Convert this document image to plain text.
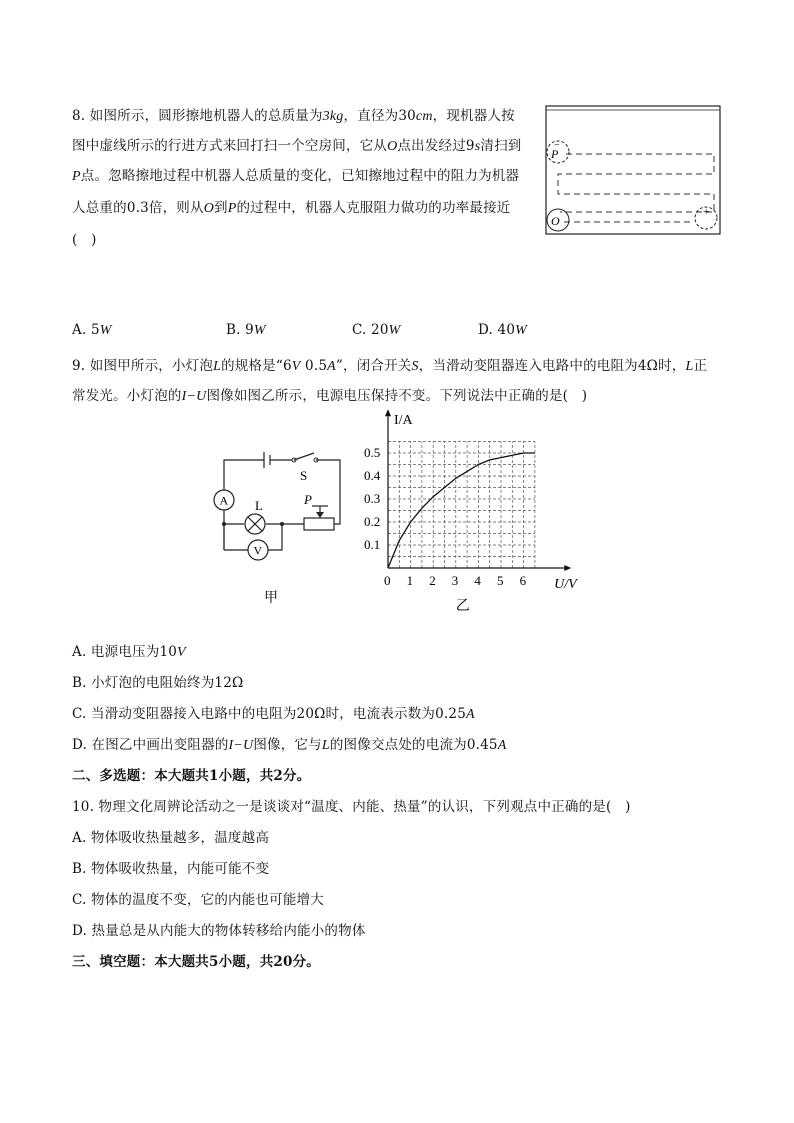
8. 如图所示，圆形擦地机器人的总质量为3kg，直径为30cm，现机器人按
图中虚线所示的行进方式来回打扫一个空房间，它从O点出发经过9s清扫到
P点。忽略擦地过程中机器人总质量的变化，已知擦地过程中的阻力为机器
人总重的0.3倍，则从O到P的过程中，机器人克服阻力做功的功率最接近
(　)
P
O
+
−
A. 5W	B. 9W	C. 20W	D. 40W
9. 如图甲所示，小灯泡L的规格是“6V 0.5A”，闭合开关S，当滑动变阻器连入电路中的电阻为4Ω时，L正
常发光。小灯泡的I−U图像如图乙所示，电源电压保持不变。下列说法中正确的是(　)
A L
V
S
P
甲
0 1 2 3 4 5 6
0.1
0.2
0.3
0.4
0.5
I/A
U/V
乙
A. 电源电压为10V
B. 小灯泡的电阻始终为12Ω
C. 当滑动变阻器接入电路中的电阻为20Ω时，电流表示数为0.25A
D. 在图乙中画出变阻器的I−U图像，它与L的图像交点处的电流为0.45A
二、多选题：本大题共1小题，共2分。
10. 物理文化周辨论活动之一是谈谈对“温度、内能、热量”的认识，下列观点中正确的是(　)
A. 物体吸收热量越多，温度越高
B. 物体吸收热量，内能可能不变
C. 物体的温度不变，它的内能也可能增大
D. 热量总是从内能大的物体转移给内能小的物体
三、填空题：本大题共5小题，共20分。
